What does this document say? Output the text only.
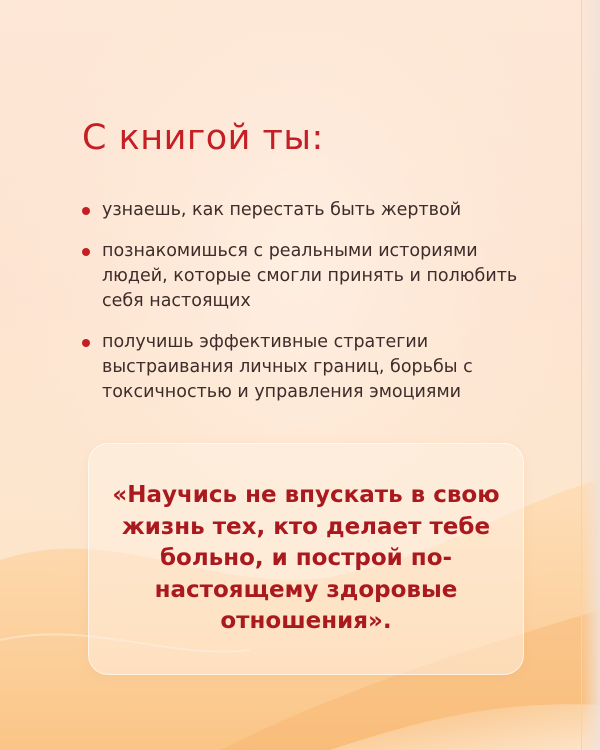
С книгой ты:
узнаешь, как перестать быть жертвой
познакомишься с реальными историями людей, которые смогли принять и полюбить себя настоящих
получишь эффективные стратегии выстраивания личных границ, борьбы с токсичностью и управления эмоциями

«Научись не впускать в свою жизнь тех, кто делает тебе больно, и построй по-настоящему здоровые отношения».
